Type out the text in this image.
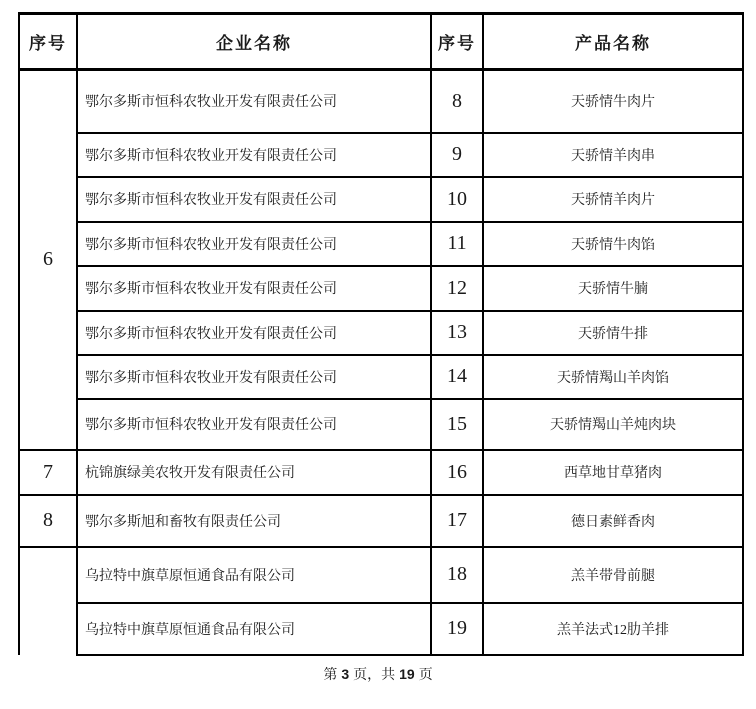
序号	企业名称	序号	产品名称
6	鄂尔多斯市恒科农牧业开发有限责任公司	8	天骄情牛肉片
	鄂尔多斯市恒科农牧业开发有限责任公司	9	天骄情羊肉串
	鄂尔多斯市恒科农牧业开发有限责任公司	10	天骄情羊肉片
	鄂尔多斯市恒科农牧业开发有限责任公司	11	天骄情牛肉馅
	鄂尔多斯市恒科农牧业开发有限责任公司	12	天骄情牛腩
	鄂尔多斯市恒科农牧业开发有限责任公司	13	天骄情牛排
	鄂尔多斯市恒科农牧业开发有限责任公司	14	天骄情羯山羊肉馅
	鄂尔多斯市恒科农牧业开发有限责任公司	15	天骄情羯山羊炖肉块
7	杭锦旗绿美农牧开发有限责任公司	16	西草地甘草猪肉
8	鄂尔多斯旭和畜牧有限责任公司	17	德日素鲜香肉
	乌拉特中旗草原恒通食品有限公司	18	羔羊带骨前腿
	乌拉特中旗草原恒通食品有限公司	19	羔羊法式12肋羊排
第 3 页，共 19 页
